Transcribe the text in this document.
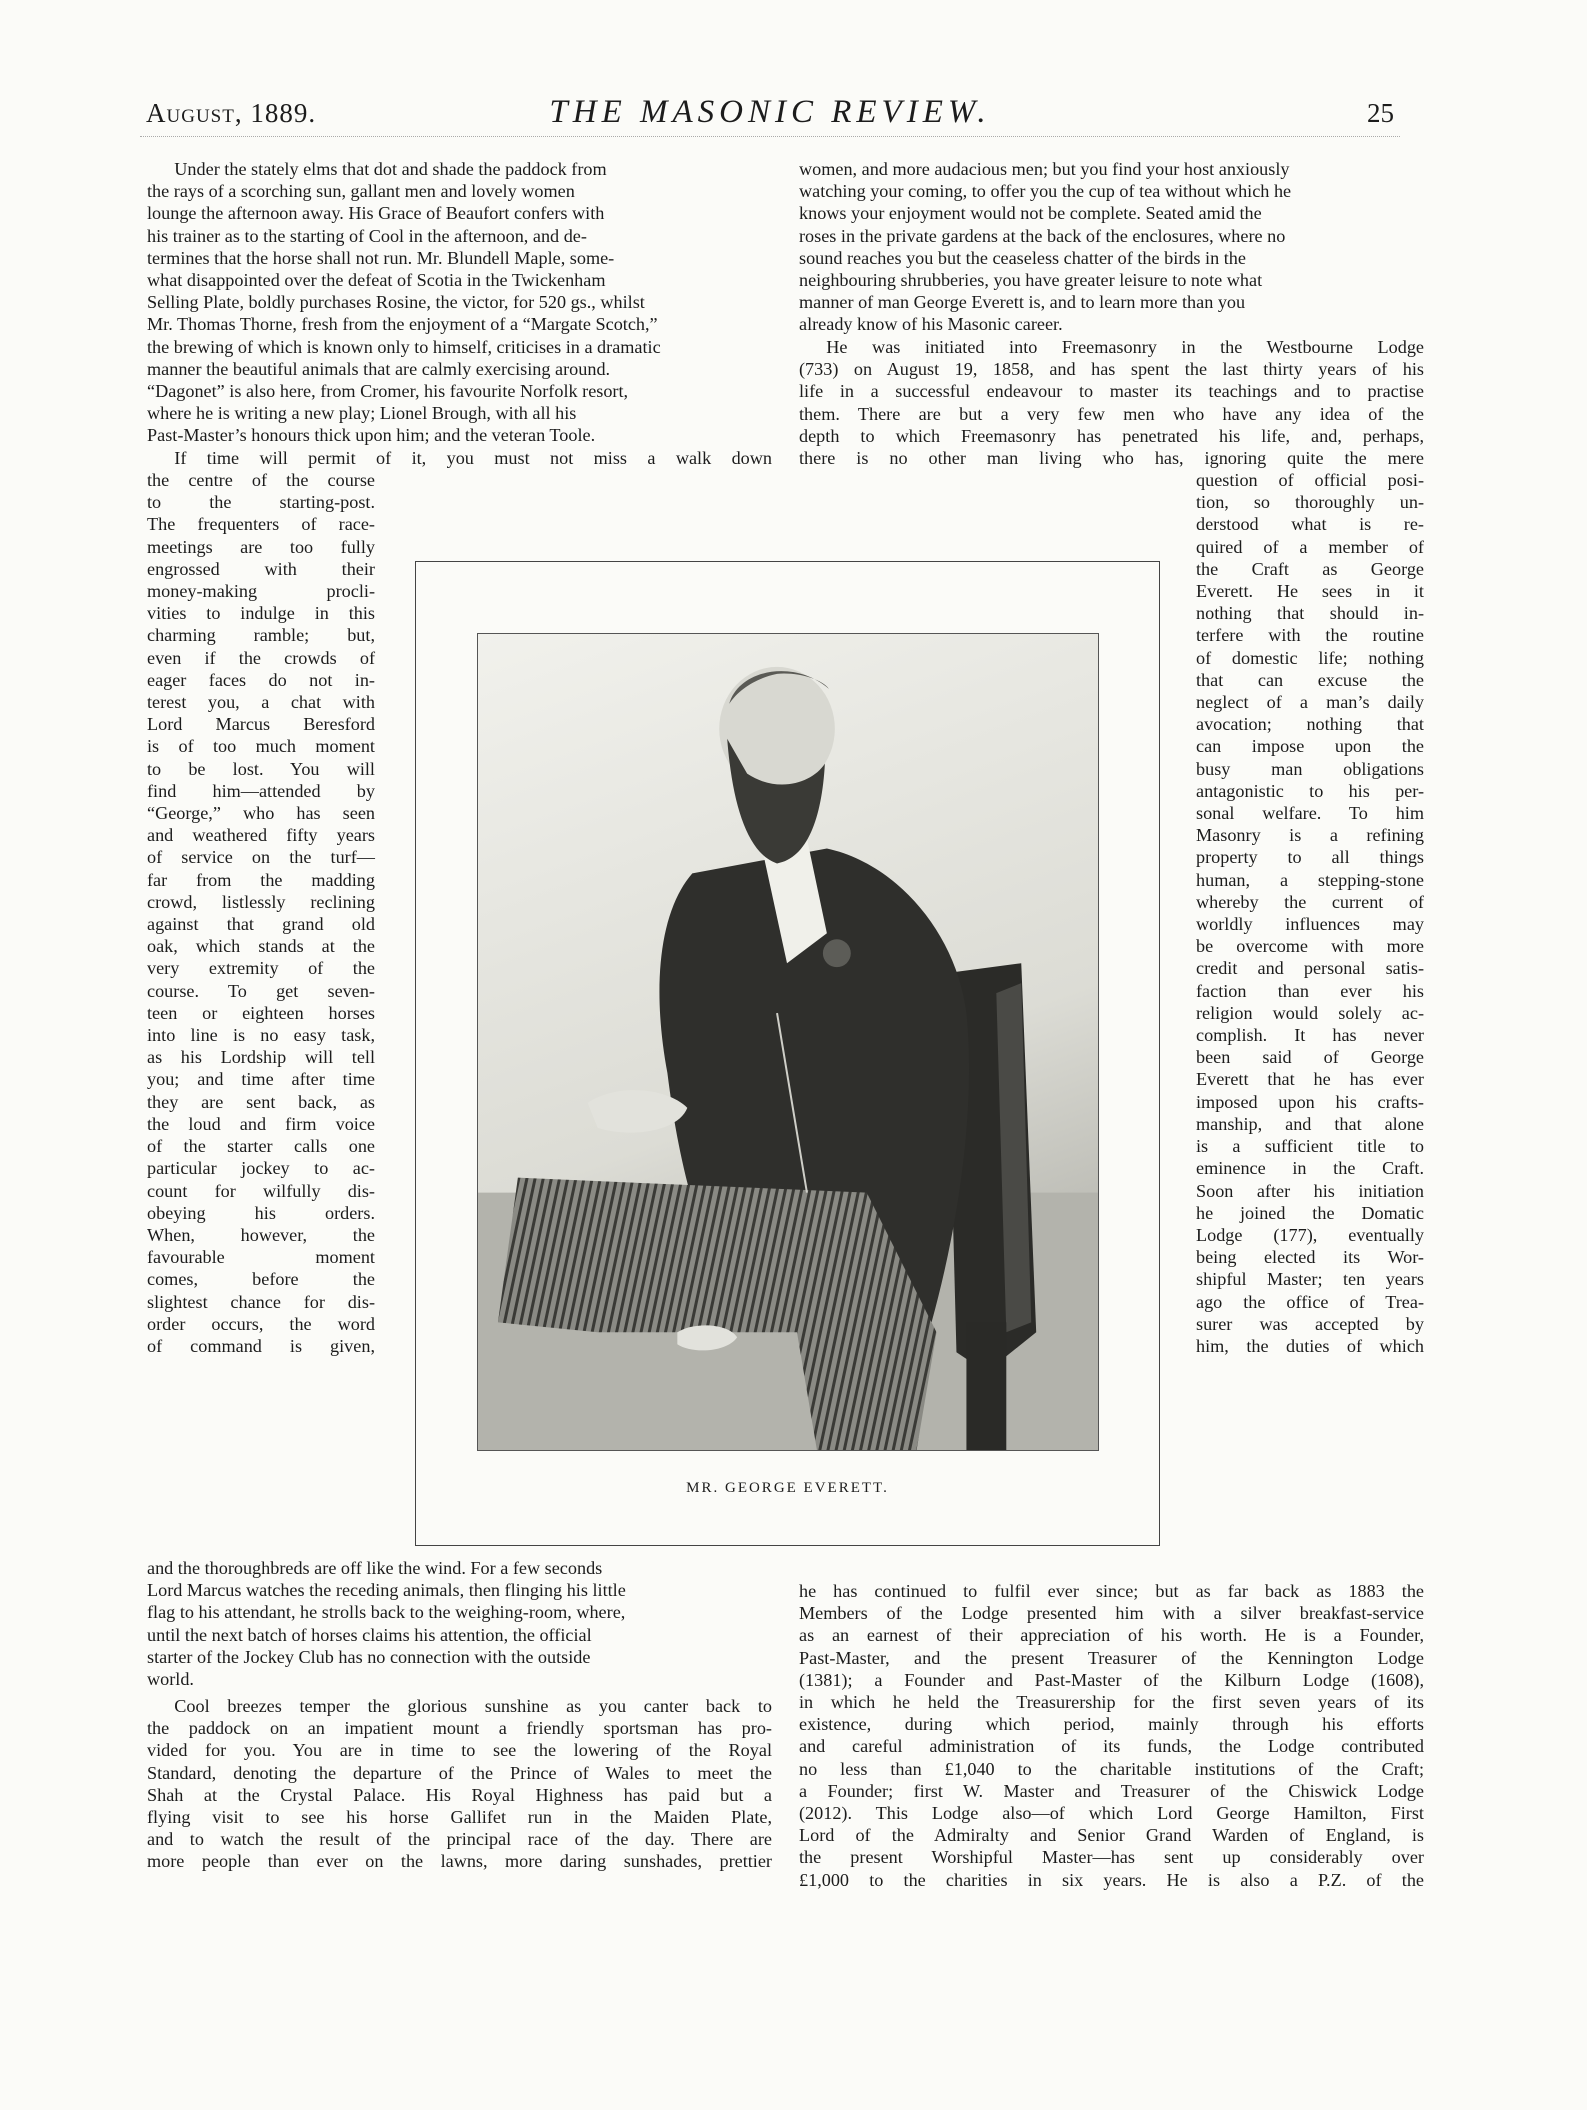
August, 1889.	THE MASONIC REVIEW.	25
MR. GEORGE EVERETT.

Under the stately elms that dot and shade the paddock from
the rays of a scorching sun, gallant men and lovely women
lounge the afternoon away. His Grace of Beaufort confers with
his trainer as to the starting of Cool in the afternoon, and de-
termines that the horse shall not run. Mr. Blundell Maple, some-
what disappointed over the defeat of Scotia in the Twickenham
Selling Plate, boldly purchases Rosine, the victor, for 520 gs., whilst
Mr. Thomas Thorne, fresh from the enjoyment of a “Margate Scotch,”
the brewing of which is known only to himself, criticises in a dramatic
manner the beautiful animals that are calmly exercising around.
“Dagonet” is also here, from Cromer, his favourite Norfolk resort,
where he is writing a new play; Lionel Brough, with all his
Past-Master’s honours thick upon him; and the veteran Toole.

If time will permit of it, you must not miss a walk down

the centre of the course
to the starting-post.
The frequenters of race-
meetings are too fully
engrossed with their
money-making procli-
vities to indulge in this
charming ramble; but,
even if the crowds of
eager faces do not in-
terest you, a chat with
Lord Marcus Beresford
is of too much moment
to be lost. You will
find him—attended by
“George,” who has seen
and weathered fifty years
of service on the turf—
far from the madding
crowd, listlessly reclining
against that grand old
oak, which stands at the
very extremity of the
course. To get seven-
teen or eighteen horses
into line is no easy task,
as his Lordship will tell
you; and time after time
they are sent back, as
the loud and firm voice
of the starter calls one
particular jockey to ac-
count for wilfully dis-
obeying his orders.
When, however, the
favourable moment
comes, before the
slightest chance for dis-
order occurs, the word
of command is given,

and the thoroughbreds are off like the wind. For a few seconds
Lord Marcus watches the receding animals, then flinging his little
flag to his attendant, he strolls back to the weighing-room, where,
until the next batch of horses claims his attention, the official
starter of the Jockey Club has no connection with the outside
world.

Cool breezes temper the glorious sunshine as you canter back to
the paddock on an impatient mount a friendly sportsman has pro-
vided for you. You are in time to see the lowering of the Royal
Standard, denoting the departure of the Prince of Wales to meet the
Shah at the Crystal Palace. His Royal Highness has paid but a
flying visit to see his horse Gallifet run in the Maiden Plate,
and to watch the result of the principal race of the day. There are
more people than ever on the lawns, more daring sunshades, prettier

women, and more audacious men; but you find your host anxiously
watching your coming, to offer you the cup of tea without which he
knows your enjoyment would not be complete. Seated amid the
roses in the private gardens at the back of the enclosures, where no
sound reaches you but the ceaseless chatter of the birds in the
neighbouring shrubberies, you have greater leisure to note what
manner of man George Everett is, and to learn more than you
already know of his Masonic career.

He was initiated into Freemasonry in the Westbourne Lodge
(733) on August 19, 1858, and has spent the last thirty years of his
life in a successful endeavour to master its teachings and to practise
them. There are but a very few men who have any idea of the
depth to which Freemasonry has penetrated his life, and, perhaps,
there is no other man living who has, ignoring quite the mere

question of official posi-
tion, so thoroughly un-
derstood what is re-
quired of a member of
the Craft as George
Everett. He sees in it
nothing that should in-
terfere with the routine
of domestic life; nothing
that can excuse the
neglect of a man’s daily
avocation; nothing that
can impose upon the
busy man obligations
antagonistic to his per-
sonal welfare. To him
Masonry is a refining
property to all things
human, a stepping-stone
whereby the current of
worldly influences may
be overcome with more
credit and personal satis-
faction than ever his
religion would solely ac-
complish. It has never
been said of George
Everett that he has ever
imposed upon his crafts-
manship, and that alone
is a sufficient title to
eminence in the Craft.
Soon after his initiation
he joined the Domatic
Lodge (177), eventually
being elected its Wor-
shipful Master; ten years
ago the office of Trea-
surer was accepted by
him, the duties of which

he has continued to fulfil ever since; but as far back as 1883 the
Members of the Lodge presented him with a silver breakfast-service
as an earnest of their appreciation of his worth. He is a Founder,
Past-Master, and the present Treasurer of the Kennington Lodge
(1381); a Founder and Past-Master of the Kilburn Lodge (1608),
in which he held the Treasurership for the first seven years of its
existence, during which period, mainly through his efforts
and careful administration of its funds, the Lodge contributed
no less than £1,040 to the charitable institutions of the Craft;
a Founder; first W. Master and Treasurer of the Chiswick Lodge
(2012). This Lodge also—of which Lord George Hamilton, First
Lord of the Admiralty and Senior Grand Warden of England, is
the present Worshipful Master—has sent up considerably over
£1,000 to the charities in six years. He is also a P.Z. of the
